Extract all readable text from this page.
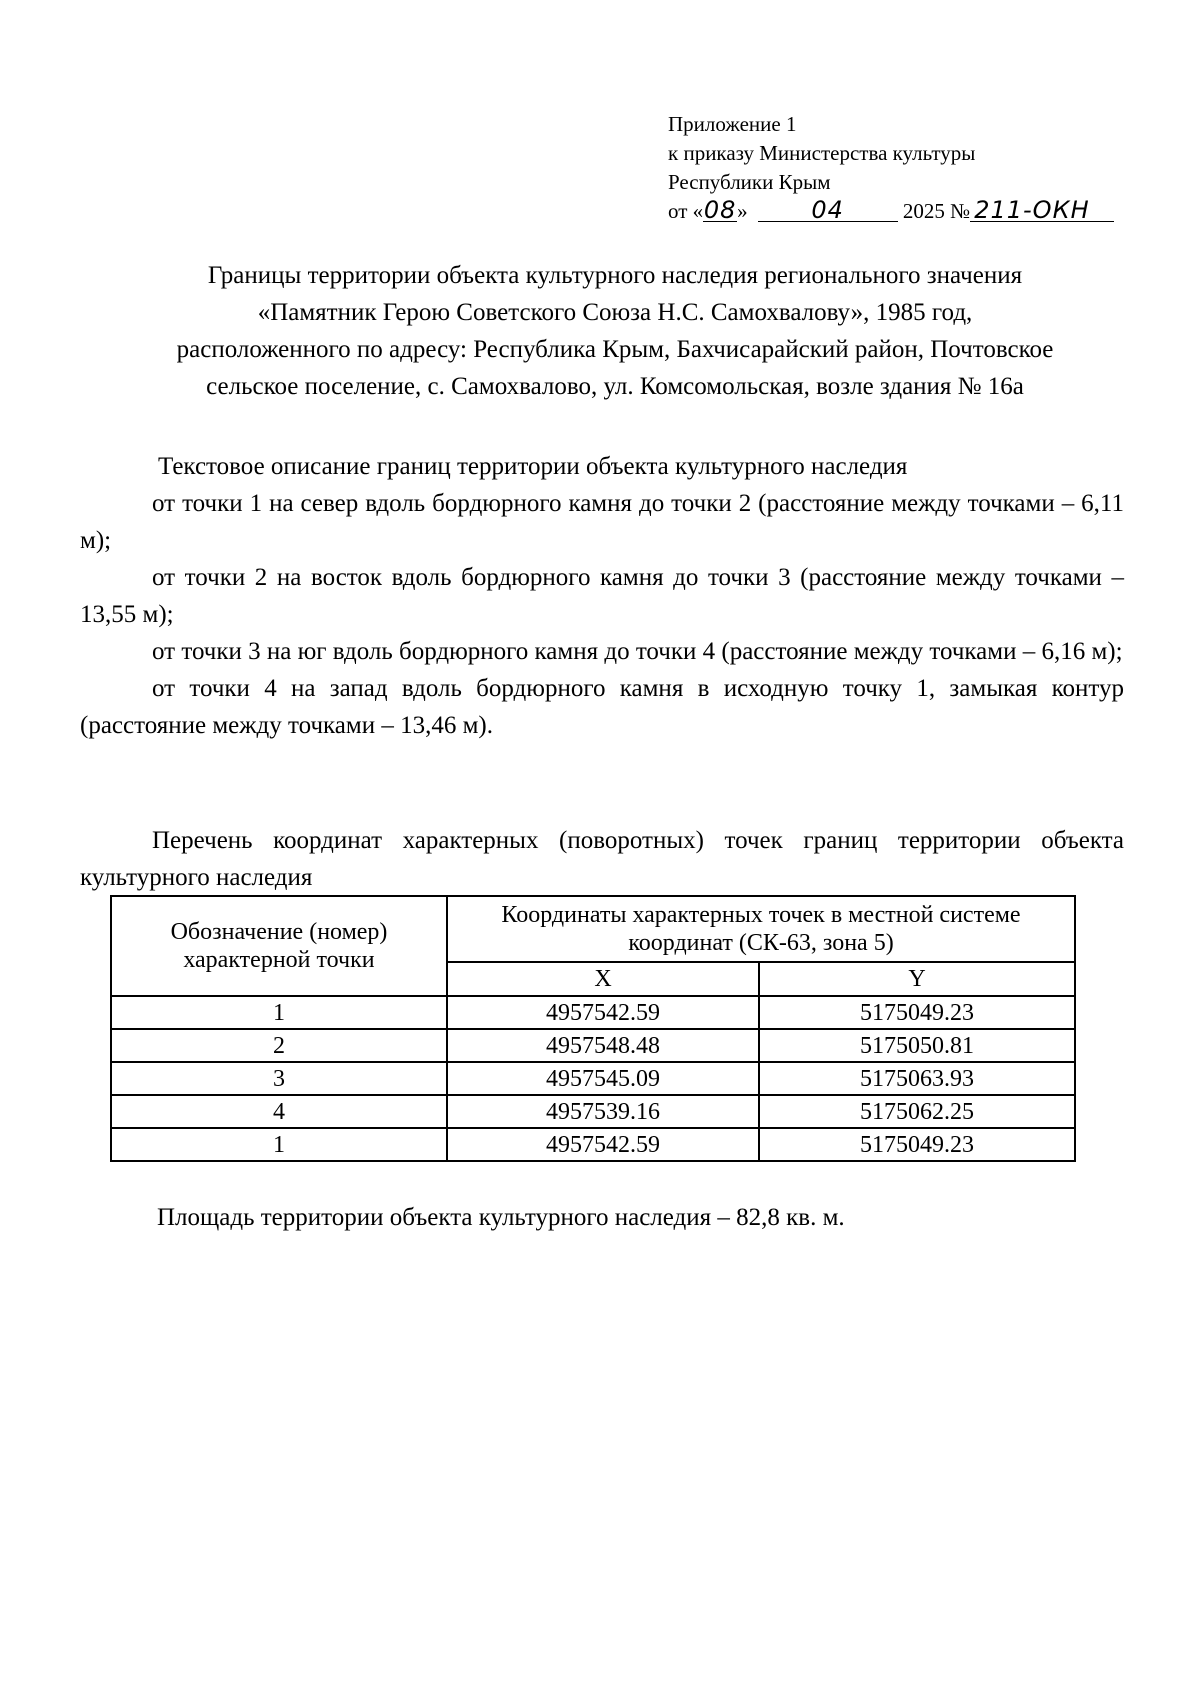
Приложение 1
к приказу Министерства культуры
Республики Крым
от «08»	04	2025 № 211-ОКН
Границы территории объекта культурного наследия регионального значения
«Памятник Герою Советского Союза Н.С. Самохвалову», 1985 год,
расположенного по адресу: Республика Крым, Бахчисарайский район, Почтовское
сельское поселение, с. Самохвалово, ул. Комсомольская, возле здания № 16а
Текстовое описание границ территории объекта культурного наследия
от точки 1 на север вдоль бордюрного камня до точки 2 (расстояние между точками – 6,11 м);
от точки 2 на восток вдоль бордюрного камня до точки 3 (расстояние между точками – 13,55 м);
от точки 3 на юг вдоль бордюрного камня до точки 4 (расстояние между точками – 6,16 м);
от точки 4 на запад вдоль бордюрного камня в исходную точку 1, замыкая контур (расстояние между точками – 13,46 м).
Перечень координат характерных (поворотных) точек границ территории объекта культурного наследия
Обозначение (номер) характерной точки	Координаты характерных точек в местной системе координат (СК-63, зона 5)	
	X	Y
1	4957542.59	5175049.23
2	4957548.48	5175050.81
3	4957545.09	5175063.93
4	4957539.16	5175062.25
1	4957542.59	5175049.23
Площадь территории объекта культурного наследия – 82,8 кв. м.
